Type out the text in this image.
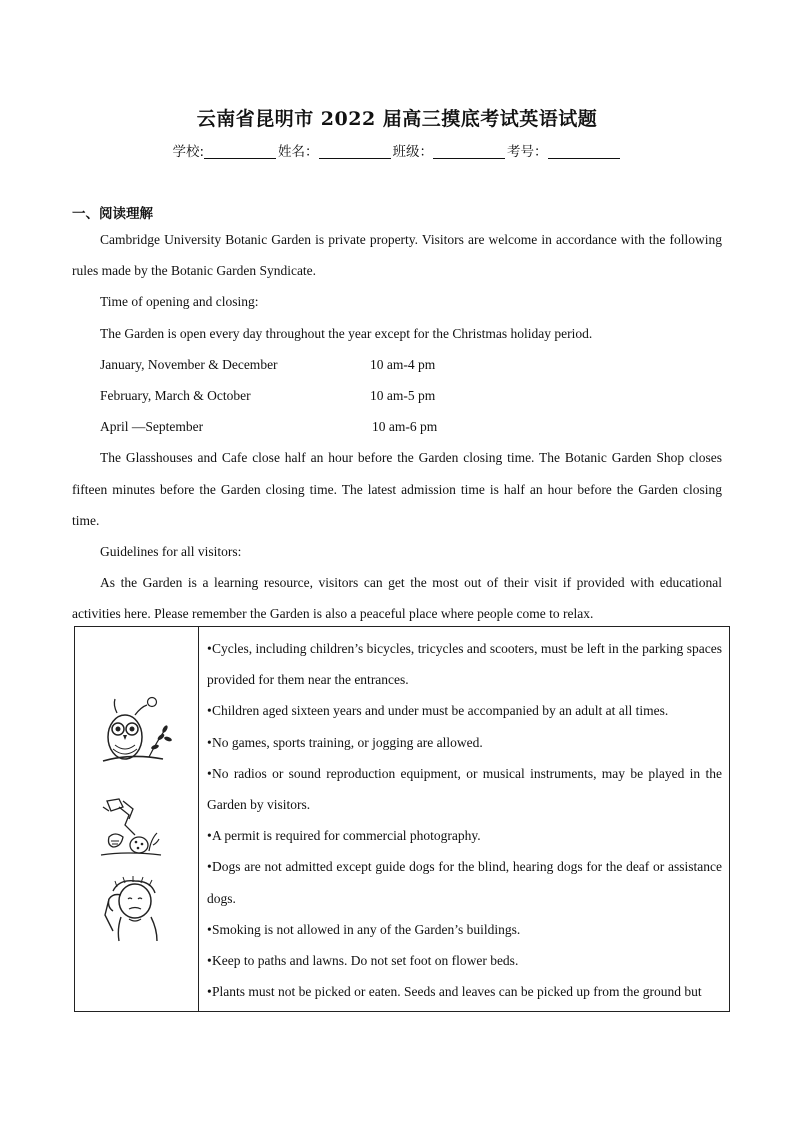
云南省昆明市 2022 届高三摸底考试英语试题
学校:	姓名：	班级：	考号：
一、阅读理解

Cambridge University Botanic Garden is private property. Visitors are welcome in accordance with the following rules made by the Botanic Garden Syndicate.

Time of opening and closing:

The Garden is open every day throughout the year except for the Christmas holiday period.

January, November & December	10 am-4 pm
February, March & October	10 am-5 pm
April —September	10 am-6 pm

The Glasshouses and Cafe close half an hour before the Garden closing time. The Botanic Garden Shop closes fifteen minutes before the Garden closing time. The latest admission time is half an hour before the Garden closing time.

Guidelines for all visitors:

As the Garden is a learning resource, visitors can get the most out of their visit if provided with educational activities here. Please remember the Garden is also a peaceful place where people come to relax.

•Cycles, including children’s bicycles, tricycles and scooters, must be left in the parking spaces provided for them near the entrances.

•Children aged sixteen years and under must be accompanied by an adult at all times.

•No games, sports training, or jogging are allowed.

•No radios or sound reproduction equipment, or musical instruments, may be played in the Garden by visitors.

•A permit is required for commercial photography.

•Dogs are not admitted except guide dogs for the blind, hearing dogs for the deaf or assistance dogs.

•Smoking is not allowed in any of the Garden’s buildings.

•Keep to paths and lawns. Do not set foot on flower beds.

•Plants must not be picked or eaten. Seeds and leaves can be picked up from the ground but
